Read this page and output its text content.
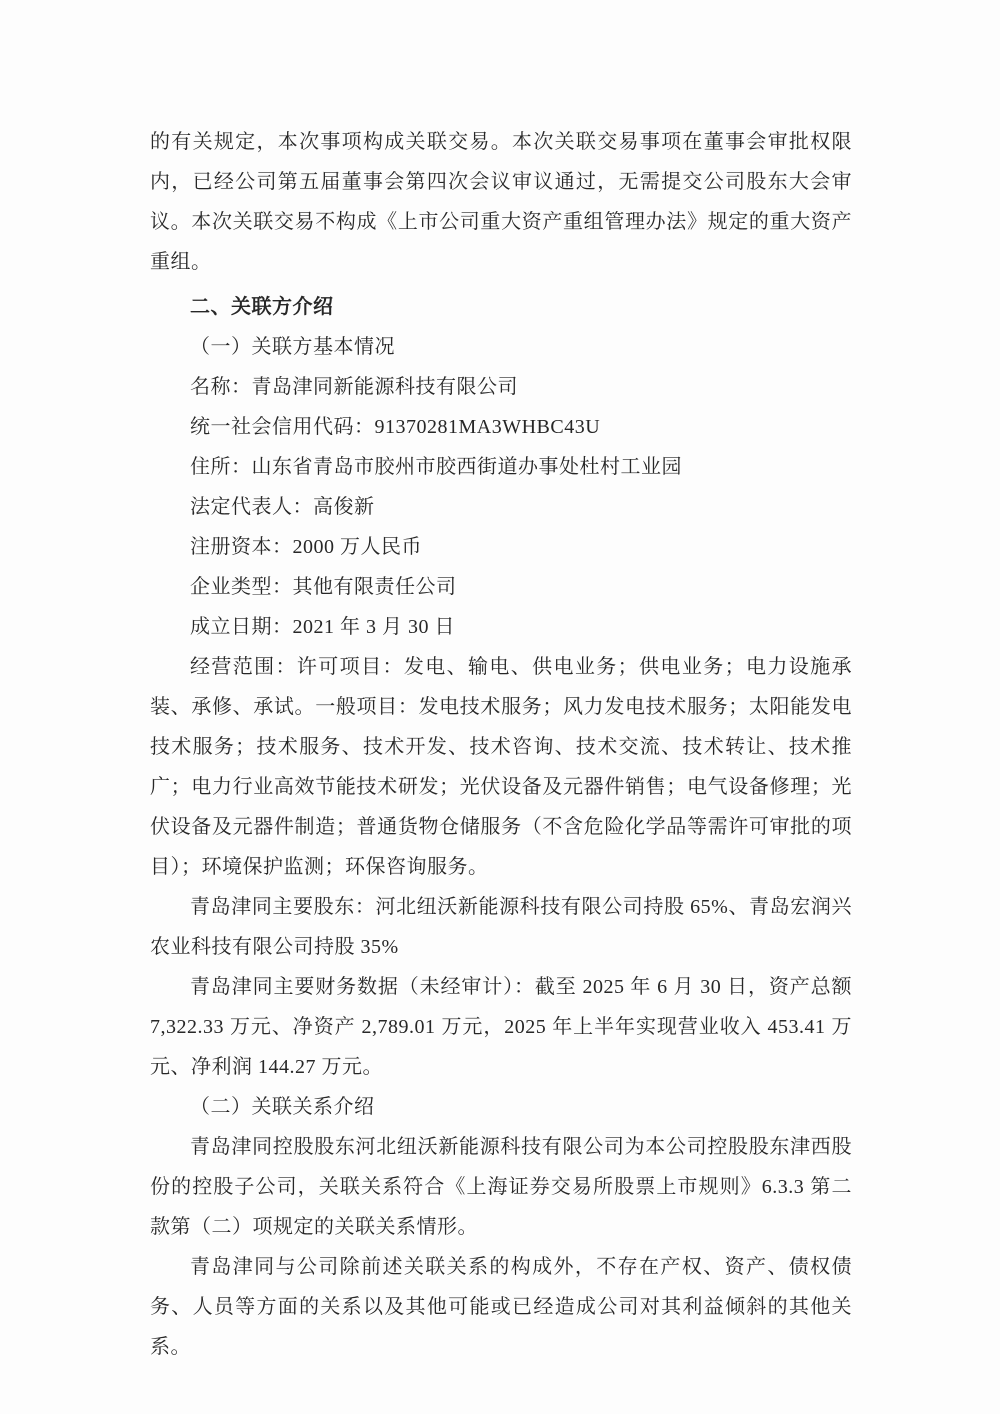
的有关规定，本次事项构成关联交易。本次关联交易事项在董事会审批权限内，已经公司第五届董事会第四次会议审议通过，无需提交公司股东大会审议。本次关联交易不构成《上市公司重大资产重组管理办法》规定的重大资产重组。

二、关联方介绍

（一）关联方基本情况

名称：青岛津同新能源科技有限公司

统一社会信用代码：91370281MA3WHBC43U

住所：山东省青岛市胶州市胶西街道办事处杜村工业园

法定代表人：高俊新

注册资本：2000 万人民币

企业类型：其他有限责任公司

成立日期：2021 年 3 月 30 日

经营范围：许可项目：发电、输电、供电业务；供电业务；电力设施承装、承修、承试。一般项目：发电技术服务；风力发电技术服务；太阳能发电技术服务；技术服务、技术开发、技术咨询、技术交流、技术转让、技术推广；电力行业高效节能技术研发；光伏设备及元器件销售；电气设备修理；光伏设备及元器件制造；普通货物仓储服务（不含危险化学品等需许可审批的项目）；环境保护监测；环保咨询服务。

青岛津同主要股东：河北纽沃新能源科技有限公司持股 65%、青岛宏润兴农业科技有限公司持股 35%

青岛津同主要财务数据（未经审计）：截至 2025 年 6 月 30 日，资产总额 7,322.33 万元、净资产 2,789.01 万元，2025 年上半年实现营业收入 453.41 万元、净利润 144.27 万元。

（二）关联关系介绍

青岛津同控股股东河北纽沃新能源科技有限公司为本公司控股股东津西股份的控股子公司，关联关系符合《上海证券交易所股票上市规则》6.3.3 第二款第（二）项规定的关联关系情形。

青岛津同与公司除前述关联关系的构成外，不存在产权、资产、债权债务、人员等方面的关系以及其他可能或已经造成公司对其利益倾斜的其他关系。
